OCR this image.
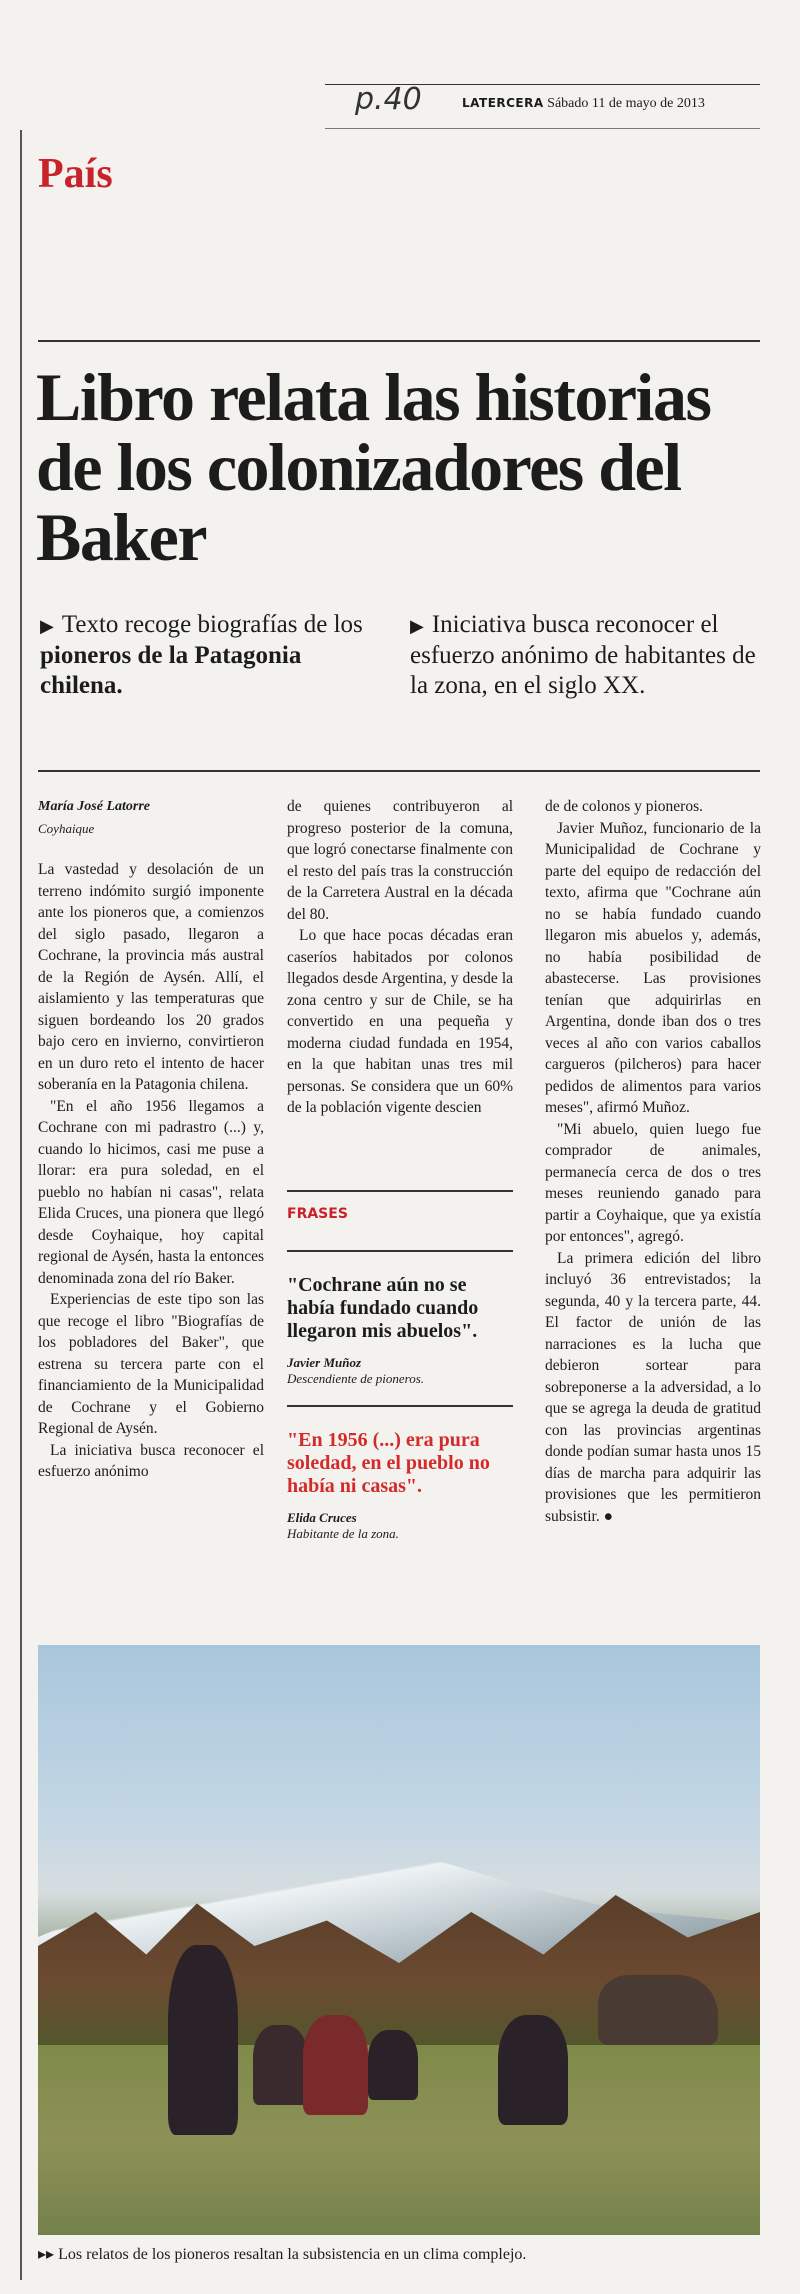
p.40	LATERCERA Sábado 11 de mayo de 2013
País
Libro relata las historias de los colonizadores del Baker
▶ Texto recoge biografías de los pioneros de la Patagonia chilena.
▶ Iniciativa busca reconocer el esfuerzo anónimo de habitantes de la zona, en el siglo XX.
María José Latorre
Coyhaique

La vastedad y desolación de un terreno indómito surgió imponente ante los pioneros que, a comienzos del siglo pasado, llegaron a Cochrane, la provincia más austral de la Región de Aysén. Allí, el aislamiento y las temperaturas que siguen bordeando los 20 grados bajo cero en invierno, convirtieron en un duro reto el intento de hacer soberanía en la Patagonia chilena.

"En el año 1956 llegamos a Cochrane con mi padrastro (...) y, cuando lo hicimos, casi me puse a llorar: era pura soledad, en el pueblo no habían ni casas", relata Elida Cruces, una pionera que llegó desde Coyhaique, hoy capital regional de Aysén, hasta la entonces denominada zona del río Baker.

Experiencias de este tipo son las que recoge el libro "Biografías de los pobladores del Baker", que estrena su tercera parte con el financiamiento de la Municipalidad de Cochrane y el Gobierno Regional de Aysén.

La iniciativa busca reconocer el esfuerzo anónimo

de quienes contribuyeron al progreso posterior de la comuna, que logró conectarse finalmente con el resto del país tras la construcción de la Carretera Austral en la década del 80.

Lo que hace pocas décadas eran caseríos habitados por colonos llegados desde Argentina, y desde la zona centro y sur de Chile, se ha convertido en una pequeña y moderna ciudad fundada en 1954, en la que habitan unas tres mil personas. Se considera que un 60% de la población vigente descien

FRASES
"Cochrane aún no se había fundado cuando llegaron mis abuelos".
Javier Muñoz
Descendiente de pioneros.
"En 1956 (...) era pura soledad, en el pueblo no había ni casas".
Elida Cruces
Habitante de la zona.

de de colonos y pioneros.

Javier Muñoz, funcionario de la Municipalidad de Cochrane y parte del equipo de redacción del texto, afirma que "Cochrane aún no se había fundado cuando llegaron mis abuelos y, además, no había posibilidad de abastecerse. Las provisiones tenían que adquirirlas en Argentina, donde iban dos o tres veces al año con varios caballos cargueros (pilcheros) para hacer pedidos de alimentos para varios meses", afirmó Muñoz.

"Mi abuelo, quien luego fue comprador de animales, permanecía cerca de dos o tres meses reuniendo ganado para partir a Coyhaique, que ya existía por entonces", agregó.

La primera edición del libro incluyó 36 entrevistados; la segunda, 40 y la tercera parte, 44. El factor de unión de las narraciones es la lucha que debieron sortear para sobreponerse a la adversidad, a lo que se agrega la deuda de gratitud con las provincias argentinas donde podían sumar hasta unos 15 días de marcha para adquirir las provisiones que les permitieron subsistir. ●

▸▸ Los relatos de los pioneros resaltan la subsistencia en un clima complejo.
